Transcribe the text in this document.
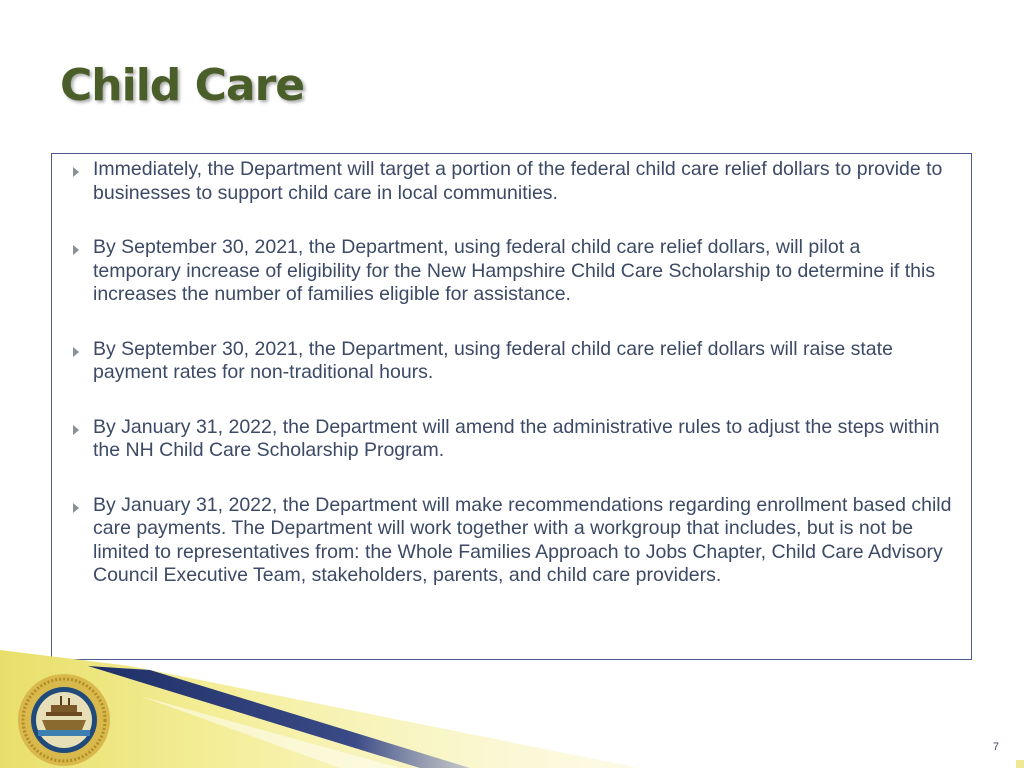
Child Care
Immediately, the Department will target a portion of the federal child care relief dollars to provide to businesses to support child care in local communities.
By September 30, 2021, the Department, using federal child care relief dollars, will pilot a temporary increase of eligibility for the New Hampshire Child Care Scholarship to determine if this increases the number of families eligible for assistance.
By September 30, 2021, the Department, using federal child care relief dollars will raise state payment rates for non-traditional hours.
By January 31, 2022, the Department will amend the administrative rules to adjust the steps within the NH Child Care Scholarship Program.
By January 31, 2022, the Department will make recommendations regarding enrollment based child care payments. The Department will work together with a workgroup that includes, but is not be limited to representatives from: the Whole Families Approach to Jobs Chapter, Child Care Advisory Council Executive Team, stakeholders, parents, and child care providers.
7
